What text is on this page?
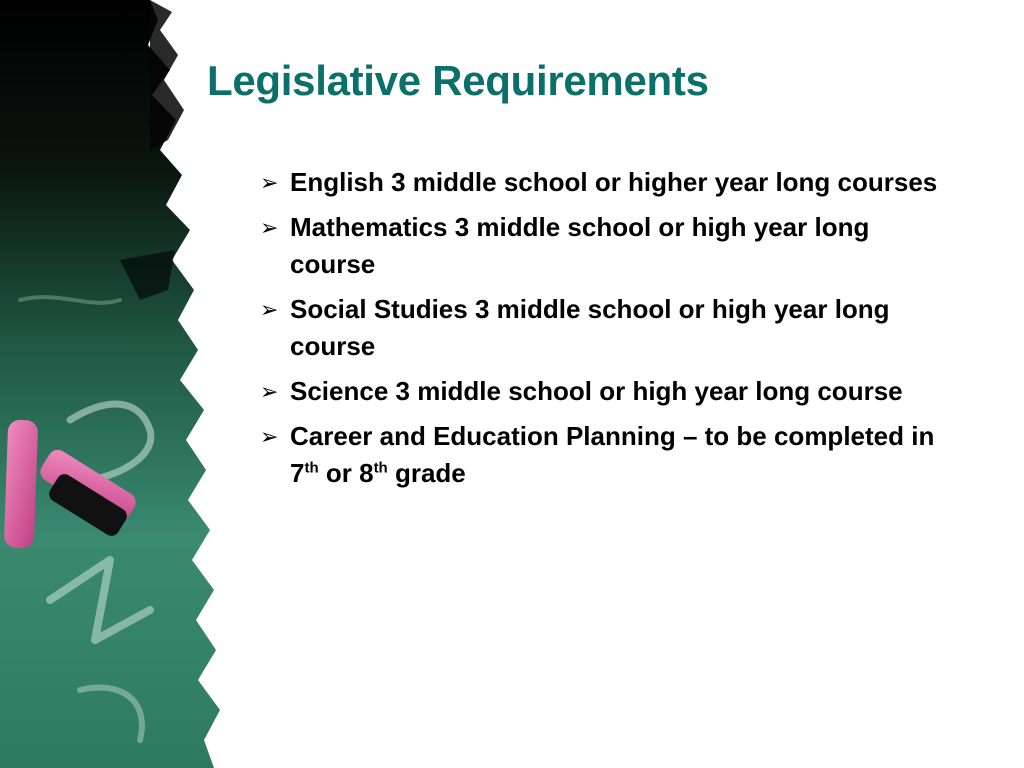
Legislative Requirements
➢ English 3 middle school or higher year long courses
➢ Mathematics 3 middle school or high year long course
➢ Social Studies 3 middle school or high year long course
➢ Science 3 middle school or high year long course
➢ Career and Education Planning – to be completed in 7th or 8th grade
